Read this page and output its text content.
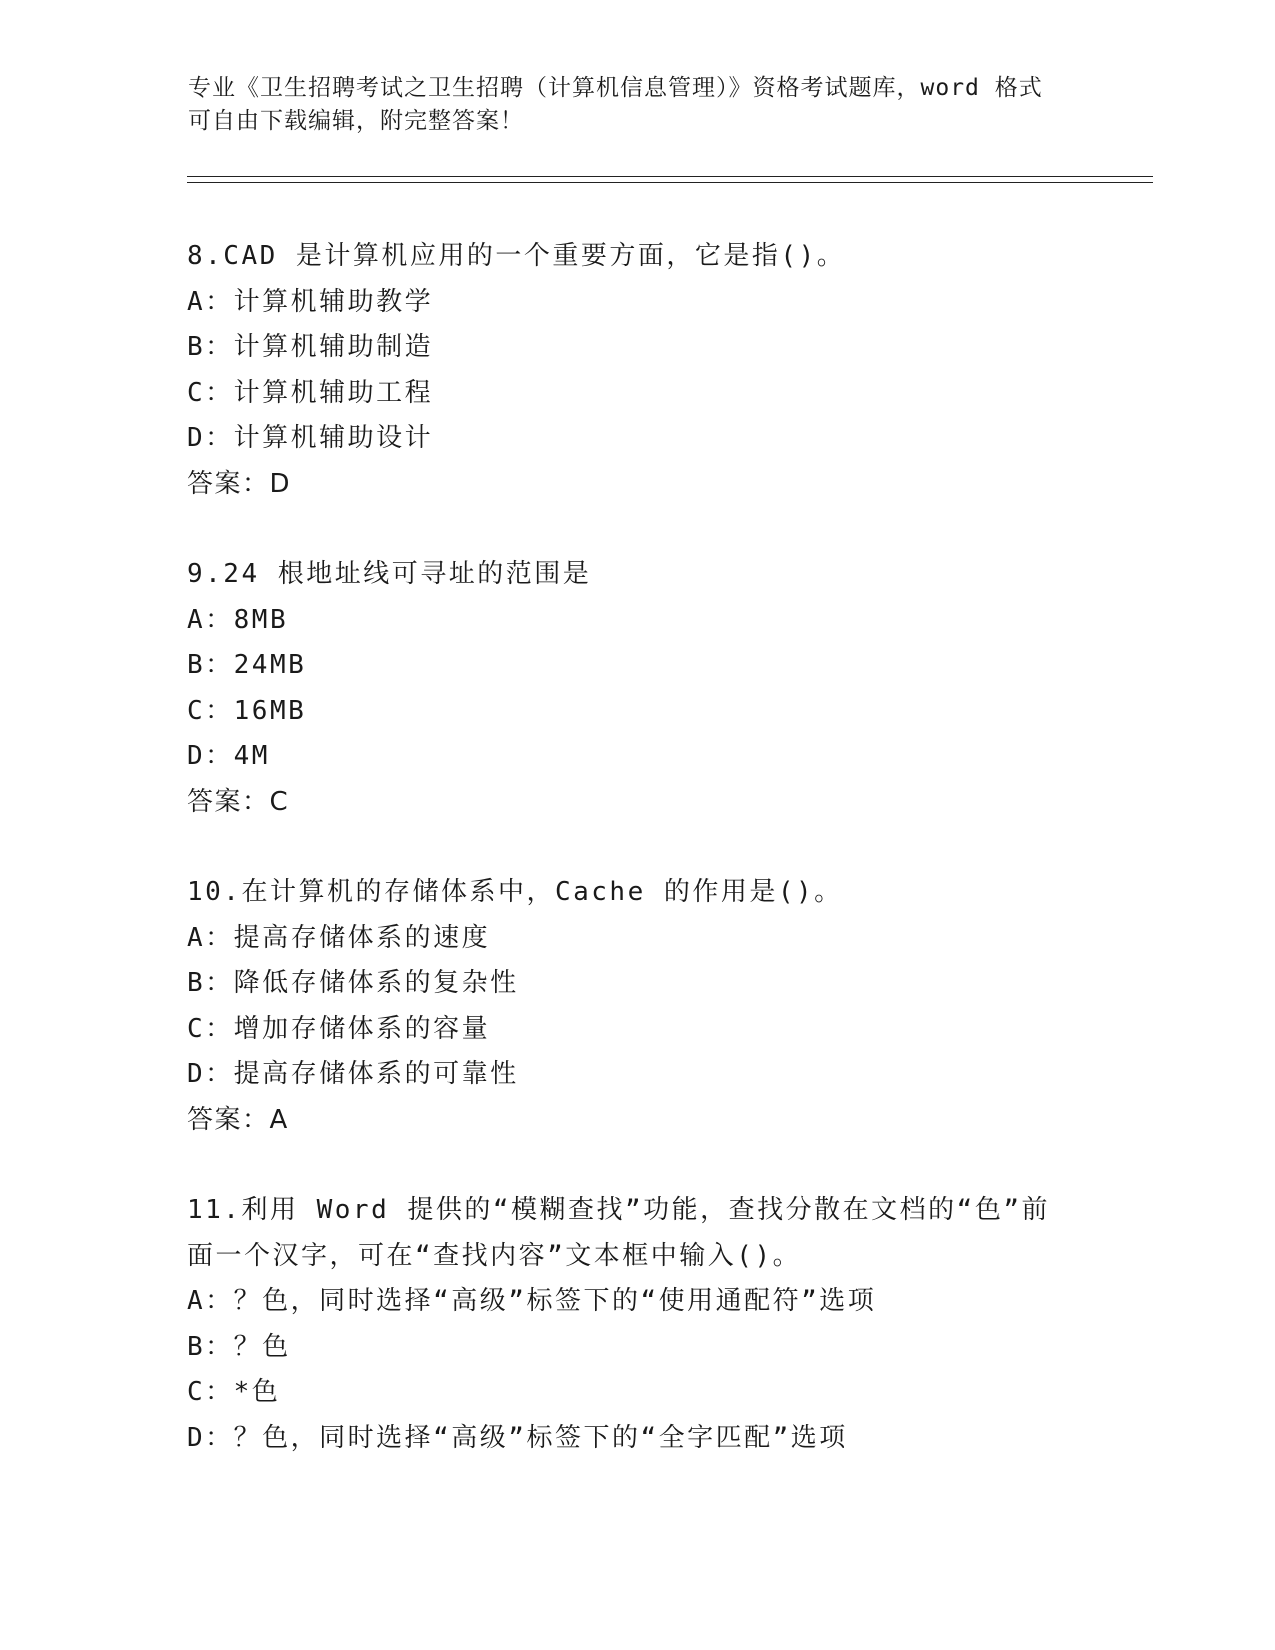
专业《卫生招聘考试之卫生招聘（计算机信息管理）》资格考试题库，word 格式
可自由下载编辑，附完整答案！
8.CAD 是计算机应用的一个重要方面，它是指()。
A：计算机辅助教学
B：计算机辅助制造
C：计算机辅助工程
D：计算机辅助设计
答案：D
9.24 根地址线可寻址的范围是
A：8MB
B：24MB
C：16MB
D：4M
答案：C
10.在计算机的存储体系中，Cache 的作用是()。
A：提高存储体系的速度
B：降低存储体系的复杂性
C：增加存储体系的容量
D：提高存储体系的可靠性
答案：A
11.利用 Word 提供的“模糊查找”功能，查找分散在文档的“色”前
面一个汉字，可在“查找内容”文本框中输入()。
A：？色，同时选择“高级”标签下的“使用通配符”选项
B：？色
C：*色
D：？色，同时选择“高级”标签下的“全字匹配”选项
